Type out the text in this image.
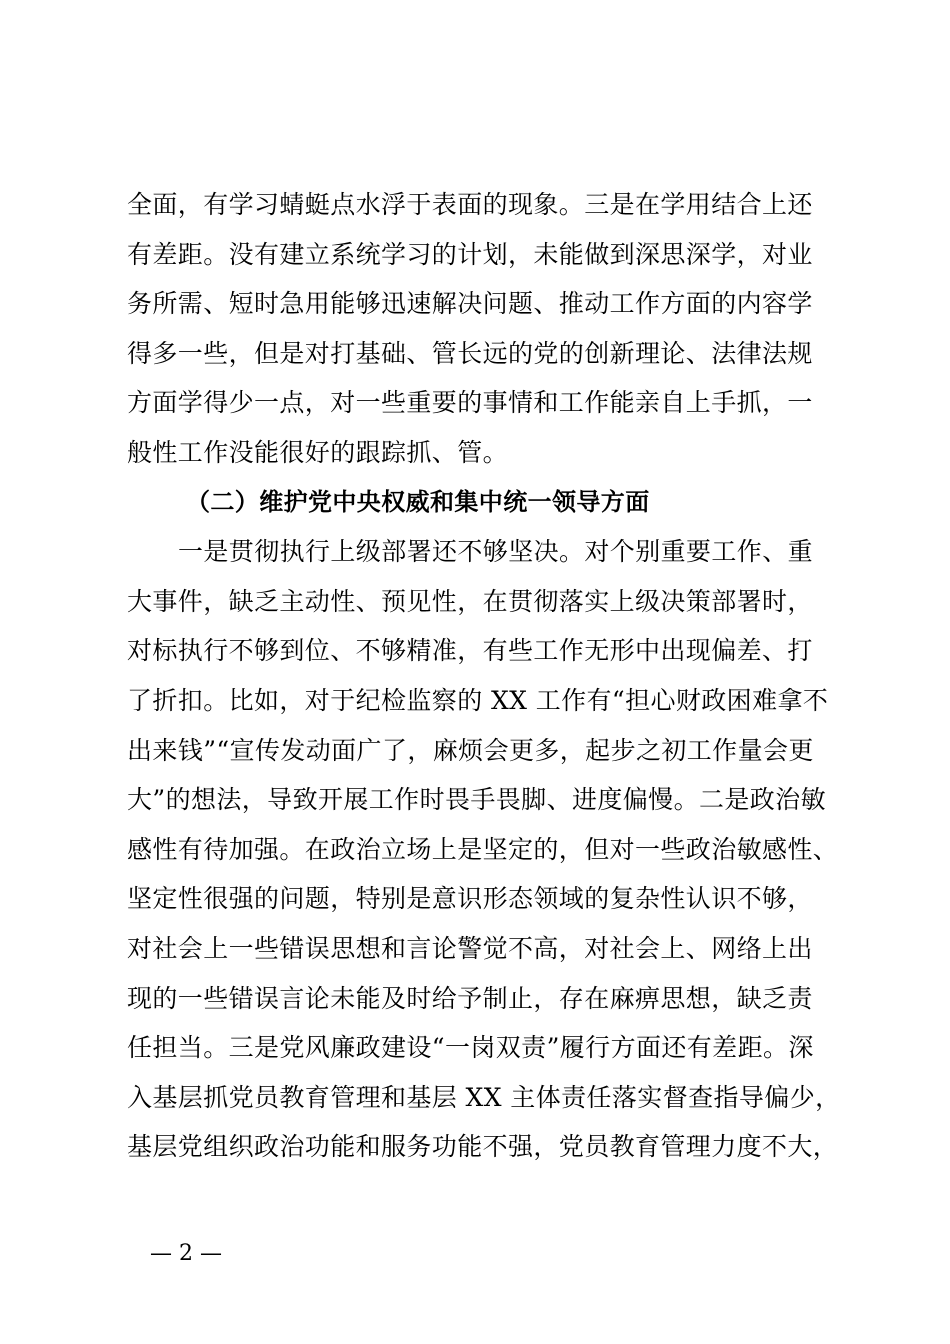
全面，有学习蜻蜓点水浮于表面的现象。三是在学用结合上还
有差距。没有建立系统学习的计划，未能做到深思深学，对业
务所需、短时急用能够迅速解决问题、推动工作方面的内容学
得多一些，但是对打基础、管长远的党的创新理论、法律法规
方面学得少一点，对一些重要的事情和工作能亲自上手抓，一
般性工作没能很好的跟踪抓、管。
（二）维护党中央权威和集中统一领导方面
一是贯彻执行上级部署还不够坚决。对个别重要工作、重
大事件，缺乏主动性、预见性，在贯彻落实上级决策部署时，
对标执行不够到位、不够精准，有些工作无形中出现偏差、打
了折扣。比如，对于纪检监察的 XX 工作有“担心财政困难拿不
出来钱”“宣传发动面广了，麻烦会更多，起步之初工作量会更
大”的想法，导致开展工作时畏手畏脚、进度偏慢。二是政治敏
感性有待加强。在政治立场上是坚定的，但对一些政治敏感性、
坚定性很强的问题，特别是意识形态领域的复杂性认识不够，
对社会上一些错误思想和言论警觉不高，对社会上、网络上出
现的一些错误言论未能及时给予制止，存在麻痹思想，缺乏责
任担当。三是党风廉政建设“一岗双责”履行方面还有差距。深
入基层抓党员教育管理和基层 XX 主体责任落实督查指导偏少，
基层党组织政治功能和服务功能不强，党员教育管理力度不大，
— 2 —
